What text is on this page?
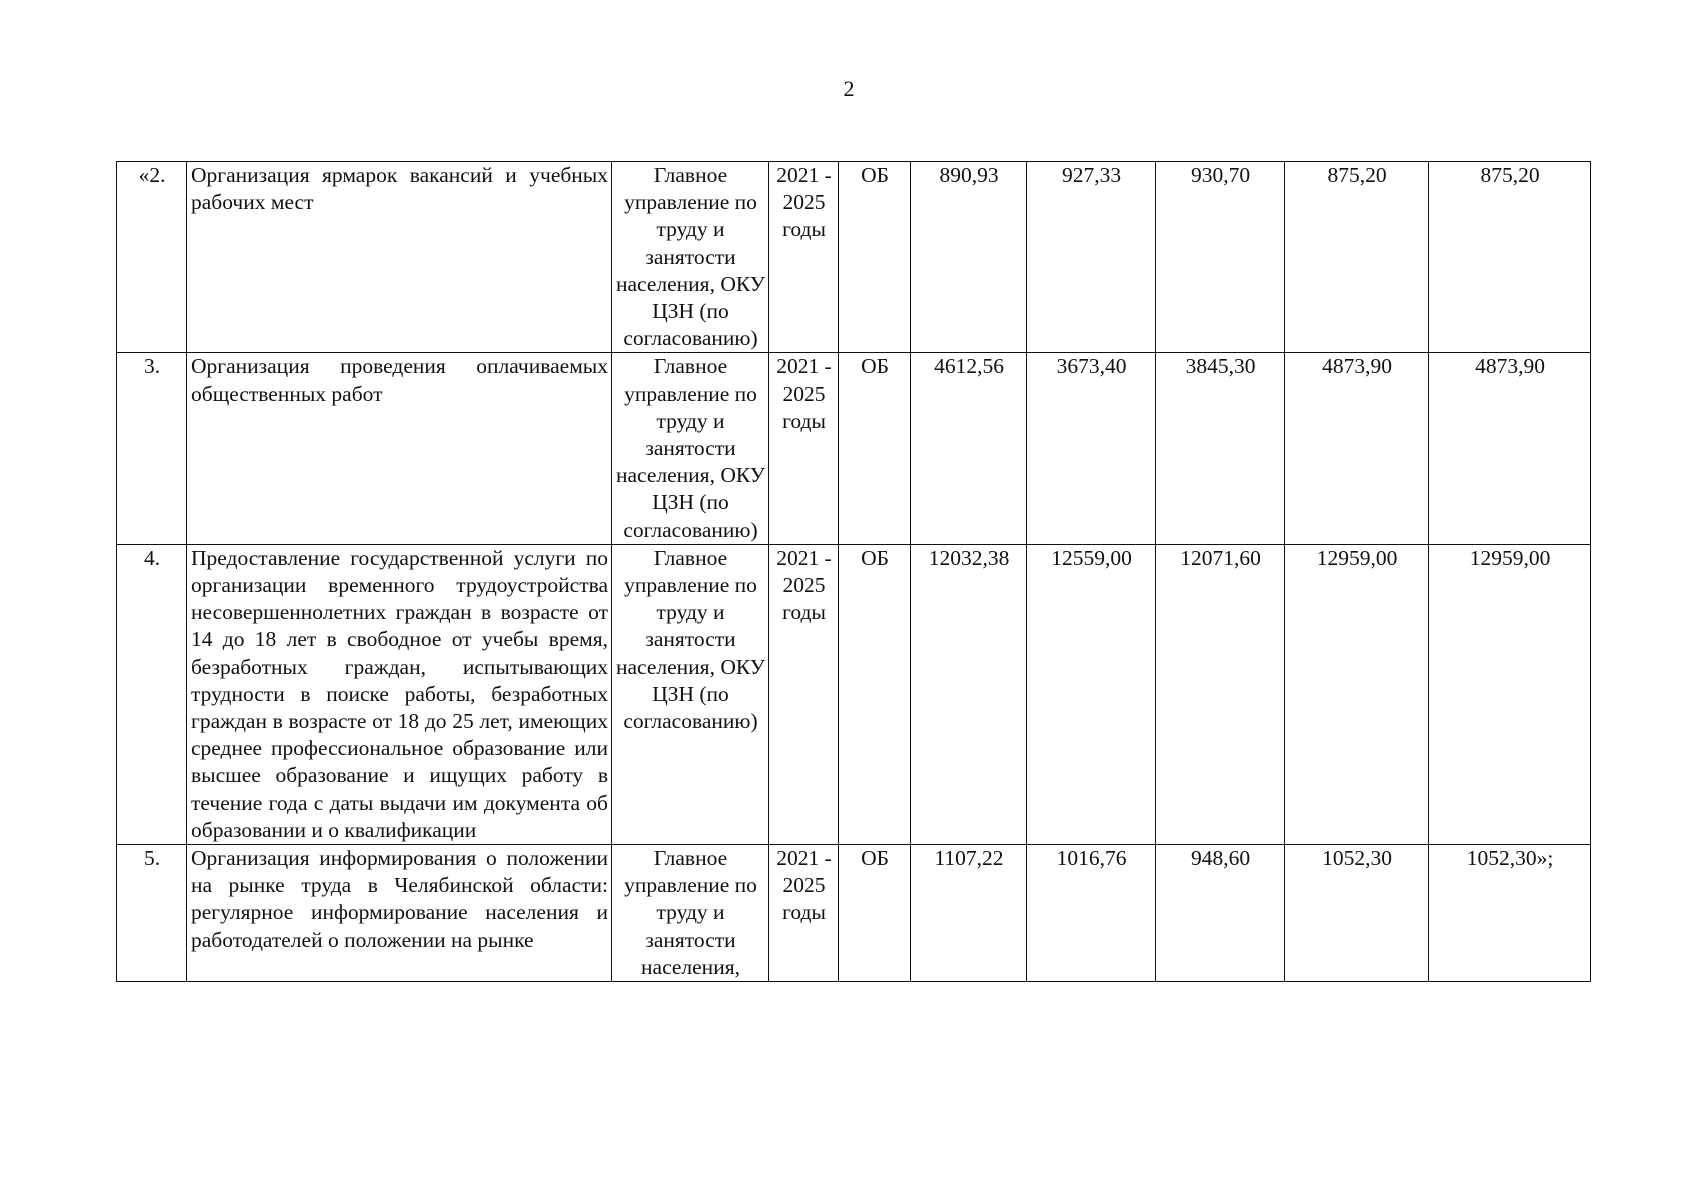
2
«2.	Организация ярмарок вакансий и учебных рабочих мест	Главное управление по труду и занятости населения, ОКУ ЦЗН (по согласованию)	2021 - 2025 годы	ОБ	890,93	927,33	930,70	875,20	875,20
3.	Организация проведения оплачиваемых общественных работ	Главное управление по труду и занятости населения, ОКУ ЦЗН (по согласованию)	2021 - 2025 годы	ОБ	4612,56	3673,40	3845,30	4873,90	4873,90
4.	Предоставление государственной услуги по организации временного трудоустройства несовершеннолетних граждан в возрасте от 14 до 18 лет в свободное от учебы время, безработных граждан, испытывающих трудности в поиске работы, безработных граждан в возрасте от 18 до 25 лет, имеющих среднее профессиональное образование или высшее образование и ищущих работу в течение года с даты выдачи им документа об образовании и о квалификации	Главное управление по труду и занятости населения, ОКУ ЦЗН (по согласованию)	2021 - 2025 годы	ОБ	12032,38	12559,00	12071,60	12959,00	12959,00
5.	Организация информирования о положении на рынке труда в Челябинской области: регулярное информирование населения и работодателей о положении на рынке	Главное управление по труду и занятости населения,	2021 - 2025 годы	ОБ	1107,22	1016,76	948,60	1052,30	1052,30»;
